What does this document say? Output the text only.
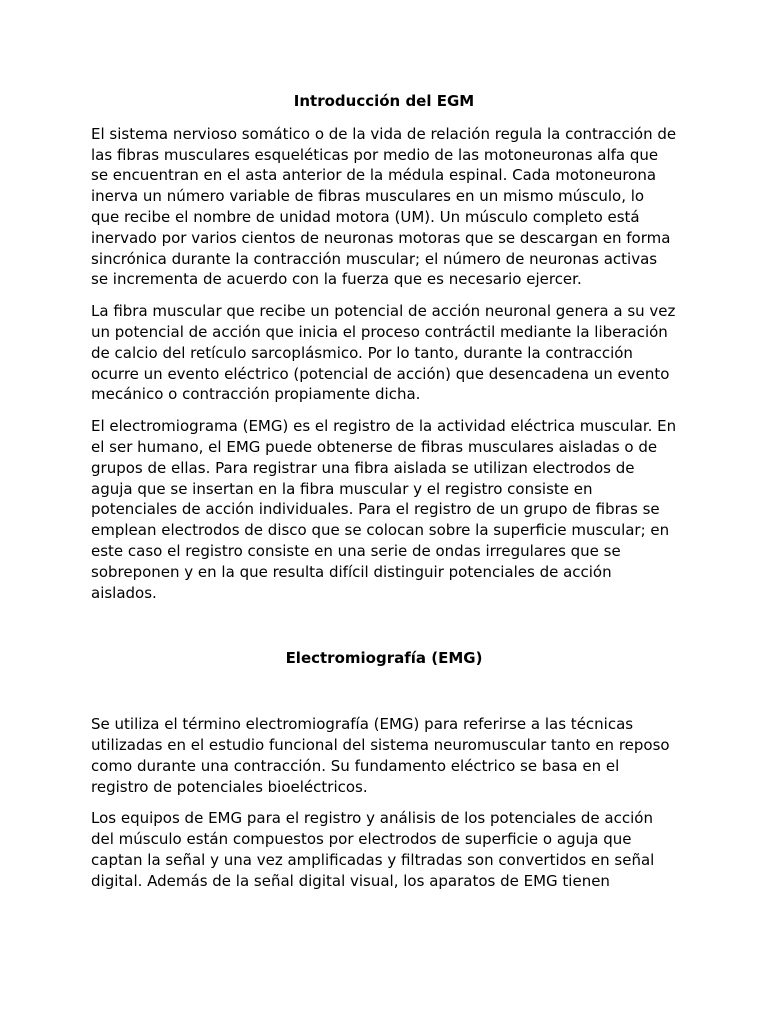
Introducción del EGM

El sistema nervioso somático o de la vida de relación regula la contracción de las fibras musculares esqueléticas por medio de las motoneuronas alfa que se encuentran en el asta anterior de la médula espinal. Cada motoneurona inerva un número variable de fibras musculares en un mismo músculo, lo que recibe el nombre de unidad motora (UM). Un músculo completo está inervado por varios cientos de neuronas motoras que se descargan en forma sincrónica durante la contracción muscular; el número de neuronas activas se incrementa de acuerdo con la fuerza que es necesario ejercer.

La fibra muscular que recibe un potencial de acción neuronal genera a su vez un potencial de acción que inicia el proceso contráctil mediante la liberación de calcio del retículo sarcoplásmico. Por lo tanto, durante la contracción ocurre un evento eléctrico (potencial de acción) que desencadena un evento mecánico o contracción propiamente dicha.

El electromiograma (EMG) es el registro de la actividad eléctrica muscular. En el ser humano, el EMG puede obtenerse de fibras musculares aisladas o de grupos de ellas. Para registrar una fibra aislada se utilizan electrodos de aguja que se insertan en la fibra muscular y el registro consiste en potenciales de acción individuales. Para el registro de un grupo de fibras se emplean electrodos de disco que se colocan sobre la superficie muscular; en este caso el registro consiste en una serie de ondas irregulares que se sobreponen y en la que resulta difícil distinguir potenciales de acción aislados.

Electromiografía (EMG)

Se utiliza el término electromiografía (EMG) para referirse a las técnicas utilizadas en el estudio funcional del sistema neuromuscular tanto en reposo como durante una contracción. Su fundamento eléctrico se basa en el registro de potenciales bioeléctricos.

Los equipos de EMG para el registro y análisis de los potenciales de acción del músculo están compuestos por electrodos de superficie o aguja que captan la señal y una vez amplificadas y filtradas son convertidos en señal digital. Además de la señal digital visual, los aparatos de EMG tienen
